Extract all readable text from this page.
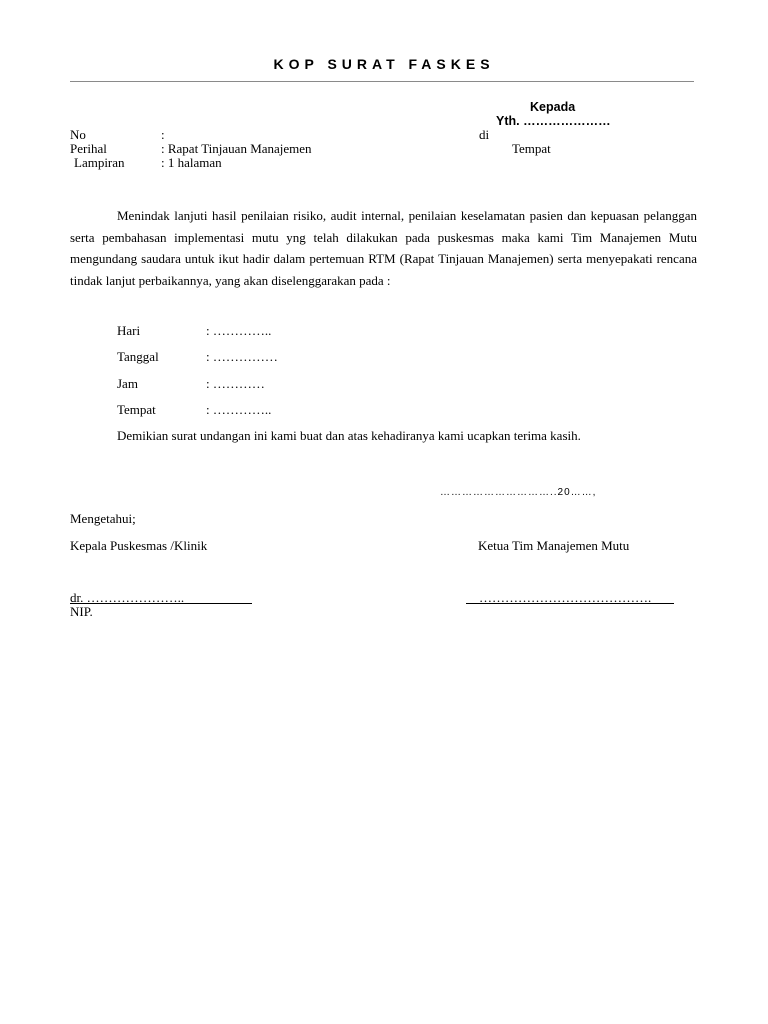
KOP SURAT FASKES
Kepada
Yth. …………………
No	:	di
Perihal	: Rapat Tinjauan Manajemen	Tempat
Lampiran	: 1 halaman

Menindak lanjuti hasil penilaian risiko, audit internal, penilaian keselamatan pasien dan kepuasan pelanggan serta pembahasan implementasi mutu yng telah dilakukan pada puskesmas maka kami Tim Manajemen Mutu mengundang saudara untuk ikut hadir dalam pertemuan RTM (Rapat Tinjauan Manajemen) serta menyepakati rencana tindak lanjut perbaikannya, yang akan diselenggarakan pada :

Hari	: …………..
Tanggal	: ……………
Jam	: …………
Tempat	: …………..
Demikian surat undangan ini kami buat dan atas kehadiranya kami ucapkan terima kasih.
…………………………..20……,
Mengetahui;
Kepala Puskesmas /Klinik	Ketua Tim Manajemen Mutu
dr. …………………..	………………………………….
NIP.
